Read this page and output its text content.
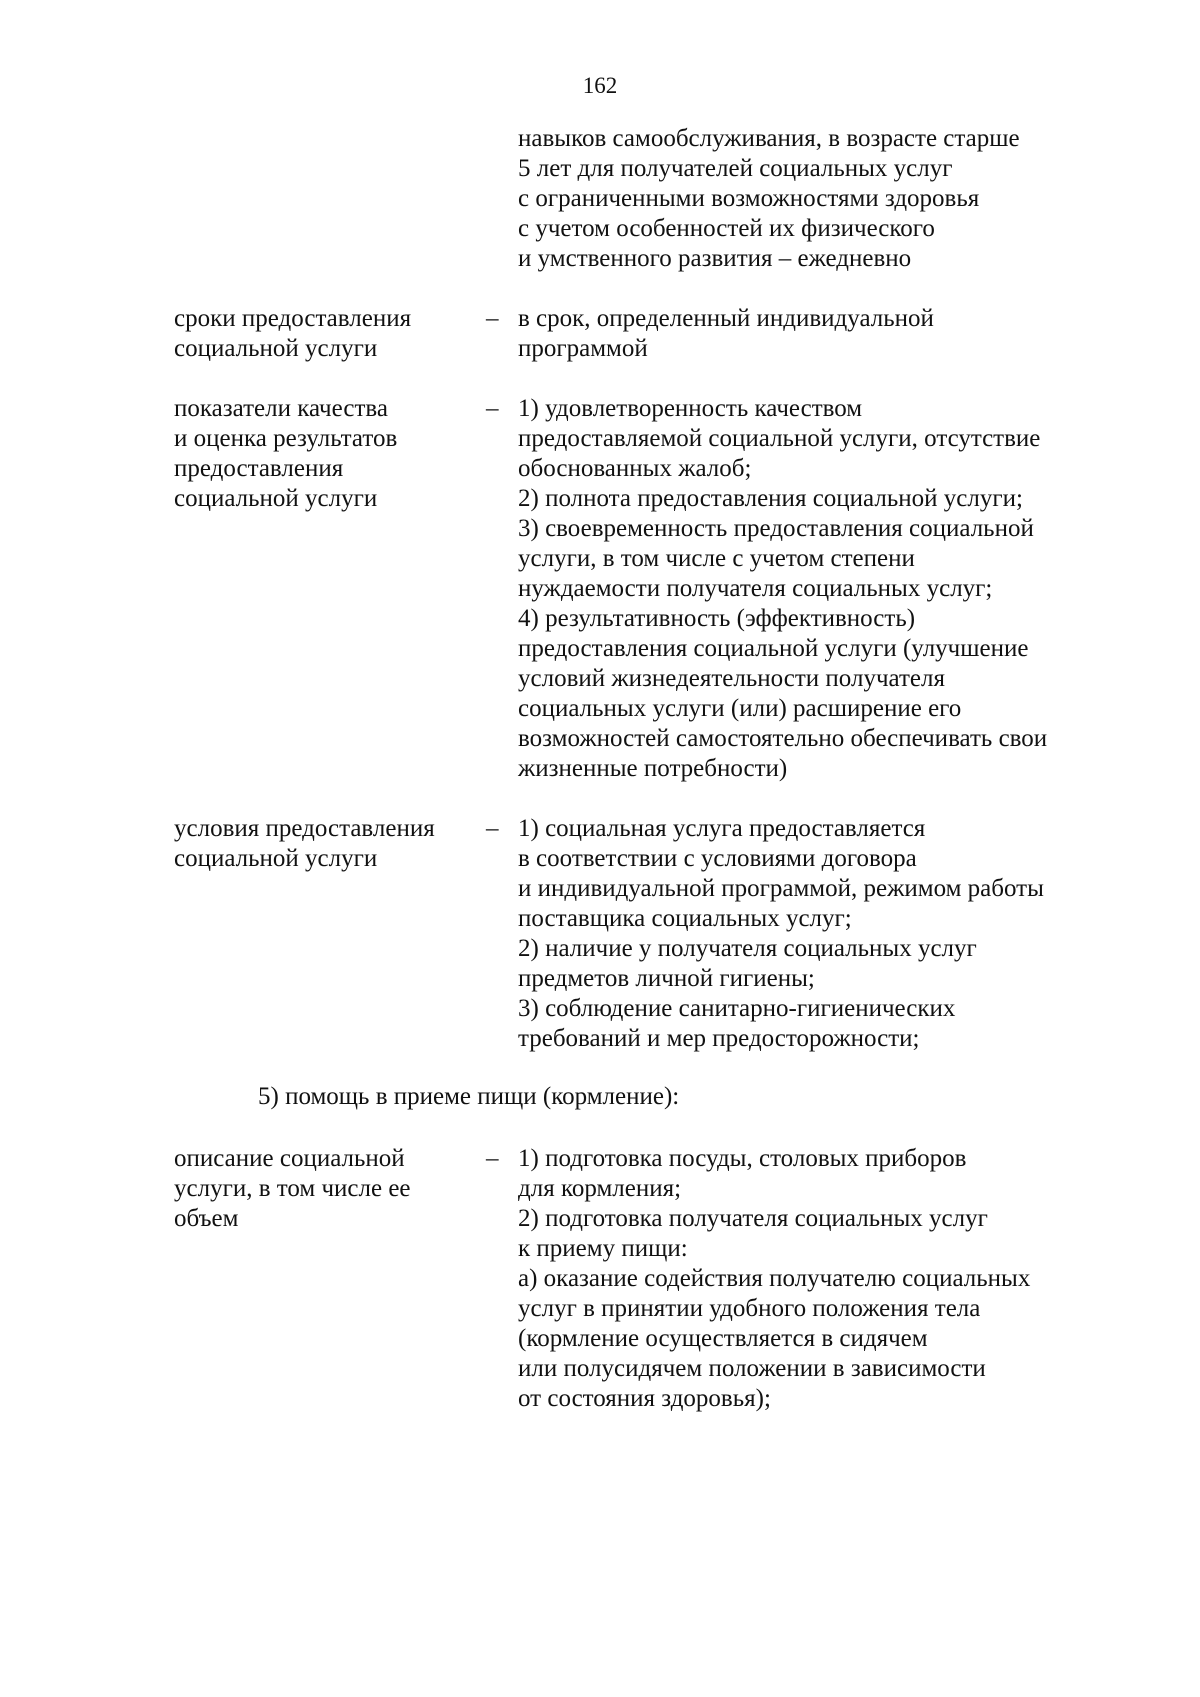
162
навыков самообслуживания, в возрасте старше
5 лет для получателей социальных услуг
с ограниченными возможностями здоровья
с учетом особенностей их физического
и умственного развития – ежедневно
сроки предоставления
социальной услуги
– в срок, определенный индивидуальной
программой
показатели качества
и оценка результатов
предоставления
социальной услуги
– 1) удовлетворенность качеством
предоставляемой социальной услуги, отсутствие
обоснованных жалоб;
2) полнота предоставления социальной услуги;
3) своевременность предоставления социальной
услуги, в том числе с учетом степени
нуждаемости получателя социальных услуг;
4) результативность (эффективность)
предоставления социальной услуги (улучшение
условий жизнедеятельности получателя
социальных услуги (или) расширение его
возможностей самостоятельно обеспечивать свои
жизненные потребности)
условия предоставления
социальной услуги
– 1) социальная услуга предоставляется
в соответствии с условиями договора
и индивидуальной программой, режимом работы
поставщика социальных услуг;
2) наличие у получателя социальных услуг
предметов личной гигиены;
3) соблюдение санитарно-гигиенических
требований и мер предосторожности;
5) помощь в приеме пищи (кормление):
описание социальной
услуги, в том числе ее
объем
– 1) подготовка посуды, столовых приборов
для кормления;
2) подготовка получателя социальных услуг
к приему пищи:
а) оказание содействия получателю социальных
услуг в принятии удобного положения тела
(кормление осуществляется в сидячем
или полусидячем положении в зависимости
от состояния здоровья);
